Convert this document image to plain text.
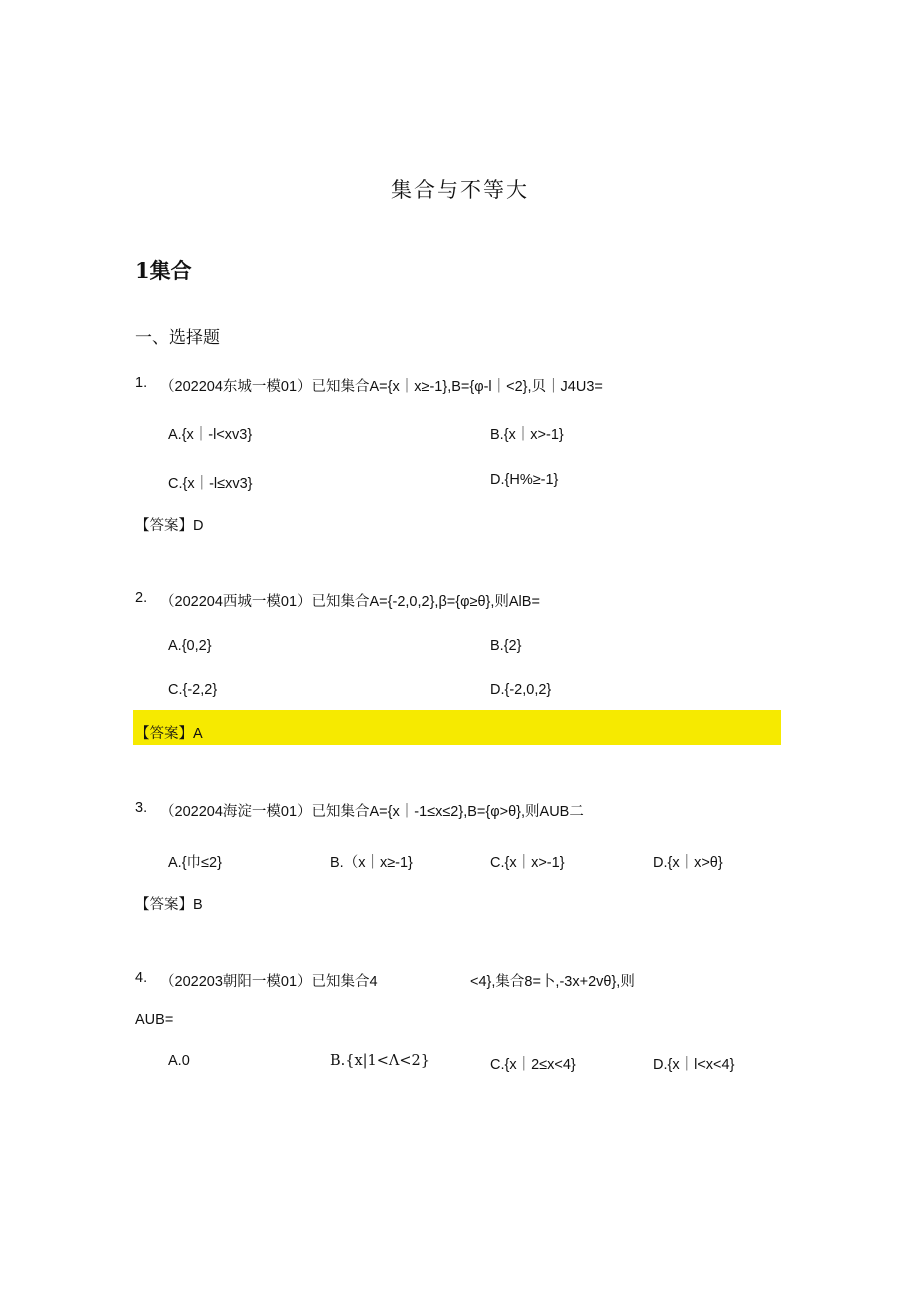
集合与不等大
1集合
一、选择题
1. （202204东城一模01）已知集合A={x｜x≥-1},B={φ-l｜<2},贝｜J4U3=
A.{x｜-l<xv3}	B.{x｜x>-1}
C.{x｜-l≤xv3}	D.{H%≥-1}
【答案】D
2. （202204西城一模01）已知集合A={-2,0,2},β={φ≥θ},则AlB=
A.{0,2}	B.{2}
C.{-2,2}	D.{-2,0,2}
【答案】A
3. （202204海淀一模01）已知集合A={x｜-1≤x≤2},B={φ>θ},则AUB二
A.{巾≤2}	B.（x｜x≥-1}	C.{x｜x>-1}	D.{x｜x>θ}
【答案】B
4. （202203朝阳一模01）已知集合4	<4},集合8=卜,-3x+2vθ},则
AUB=
A.0	B.{x|1<Λ<2}	C.{x｜2≤x<4}	D.{x｜l<x<4}
